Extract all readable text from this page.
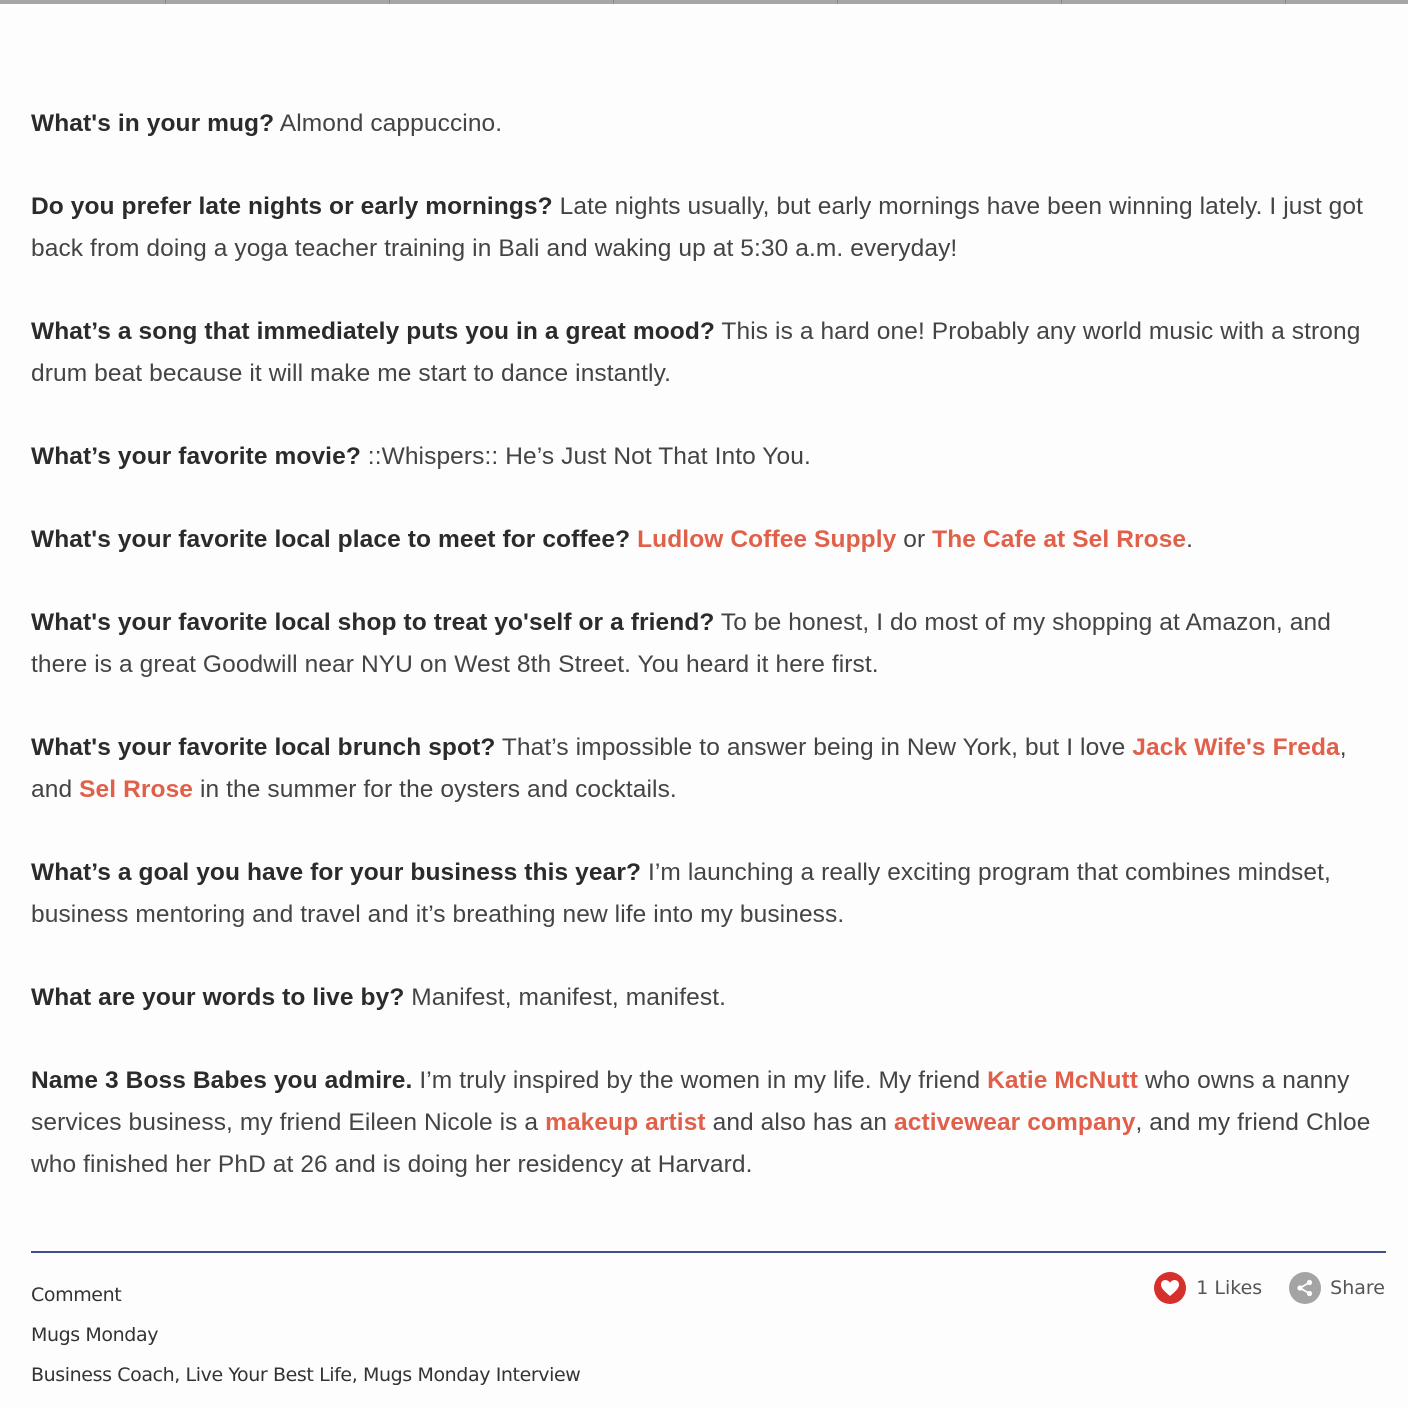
What's in your mug? Almond cappuccino.

Do you prefer late nights or early mornings? Late nights usually, but early mornings have been winning lately. I just got back from doing a yoga teacher training in Bali and waking up at 5:30 a.m. everyday!

What’s a song that immediately puts you in a great mood? This is a hard one! Probably any world music with a strong drum beat because it will make me start to dance instantly.

What’s your favorite movie? ::Whispers:: He’s Just Not That Into You.

What's your favorite local place to meet for coffee? Ludlow Coffee Supply or The Cafe at Sel Rrose.

What's your favorite local shop to treat yo'self or a friend? To be honest, I do most of my shopping at Amazon, and there is a great Goodwill near NYU on West 8th Street. You heard it here first.

What's your favorite local brunch spot? That’s impossible to answer being in New York, but I love Jack Wife's Freda, and Sel Rrose in the summer for the oysters and cocktails.

What’s a goal you have for your business this year? I’m launching a really exciting program that combines mindset, business mentoring and travel and it’s breathing new life into my business.

What are your words to live by? Manifest, manifest, manifest.

Name 3 Boss Babes you admire. I’m truly inspired by the women in my life. My friend Katie McNutt who owns a nanny services business, my friend Eileen Nicole is a makeup artist and also has an activewear company, and my friend Chloe who finished her PhD at 26 and is doing her residency at Harvard.

Comment
Mugs Monday
Business Coach, Live Your Best Life, Mugs Monday Interview
1 Likes	Share
